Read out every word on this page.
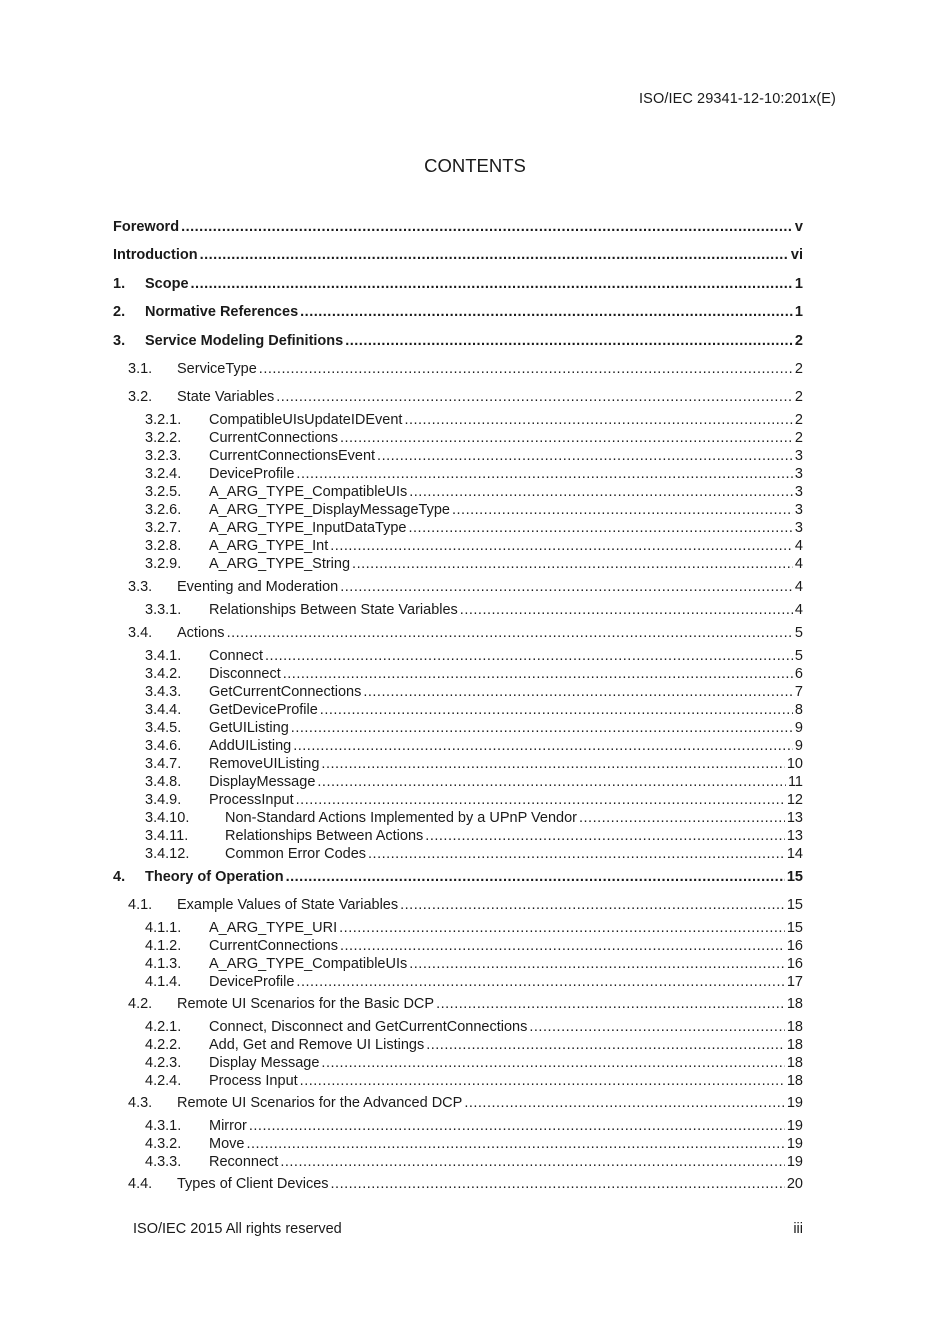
ISO/IEC 29341-12-10:201x(E)
CONTENTS
Foreword .....	v
Introduction .....	vi
1.	Scope .....	1
2.	Normative References .....	1
3.	Service Modeling Definitions .....	2
3.1.	ServiceType .....	2
3.2.	State Variables .....	2
3.2.1.	CompatibleUIsUpdateIDEvent .....	2
3.2.2.	CurrentConnections .....	2
3.2.3.	CurrentConnectionsEvent .....	3
3.2.4.	DeviceProfile .....	3
3.2.5.	A_ARG_TYPE_CompatibleUIs .....	3
3.2.6.	A_ARG_TYPE_DisplayMessageType .....	3
3.2.7.	A_ARG_TYPE_InputDataType .....	3
3.2.8.	A_ARG_TYPE_Int .....	4
3.2.9.	A_ARG_TYPE_String .....	4
3.3.	Eventing and Moderation .....	4
3.3.1.	Relationships Between State Variables .....	4
3.4.	Actions .....	5
3.4.1.	Connect .....	5
3.4.2.	Disconnect .....	6
3.4.3.	GetCurrentConnections .....	7
3.4.4.	GetDeviceProfile .....	8
3.4.5.	GetUIListing .....	9
3.4.6.	AddUIListing .....	9
3.4.7.	RemoveUIListing .....	10
3.4.8.	DisplayMessage .....	11
3.4.9.	ProcessInput .....	12
3.4.10.	Non-Standard Actions Implemented by a UPnP Vendor .....	13
3.4.11.	Relationships Between Actions .....	13
3.4.12.	Common Error Codes .....	14
4.	Theory of Operation .....	15
4.1.	Example Values of State Variables .....	15
4.1.1.	A_ARG_TYPE_URI .....	15
4.1.2.	CurrentConnections .....	16
4.1.3.	A_ARG_TYPE_CompatibleUIs .....	16
4.1.4.	DeviceProfile .....	17
4.2.	Remote UI Scenarios for the Basic DCP .....	18
4.2.1.	Connect, Disconnect and GetCurrentConnections .....	18
4.2.2.	Add, Get and Remove UI Listings .....	18
4.2.3.	Display Message .....	18
4.2.4.	Process Input .....	18
4.3.	Remote UI Scenarios for the Advanced DCP .....	19
4.3.1.	Mirror .....	19
4.3.2.	Move .....	19
4.3.3.	Reconnect .....	19
4.4.	Types of Client Devices .....	20
ISO/IEC 2015 All rights reserved	iii
